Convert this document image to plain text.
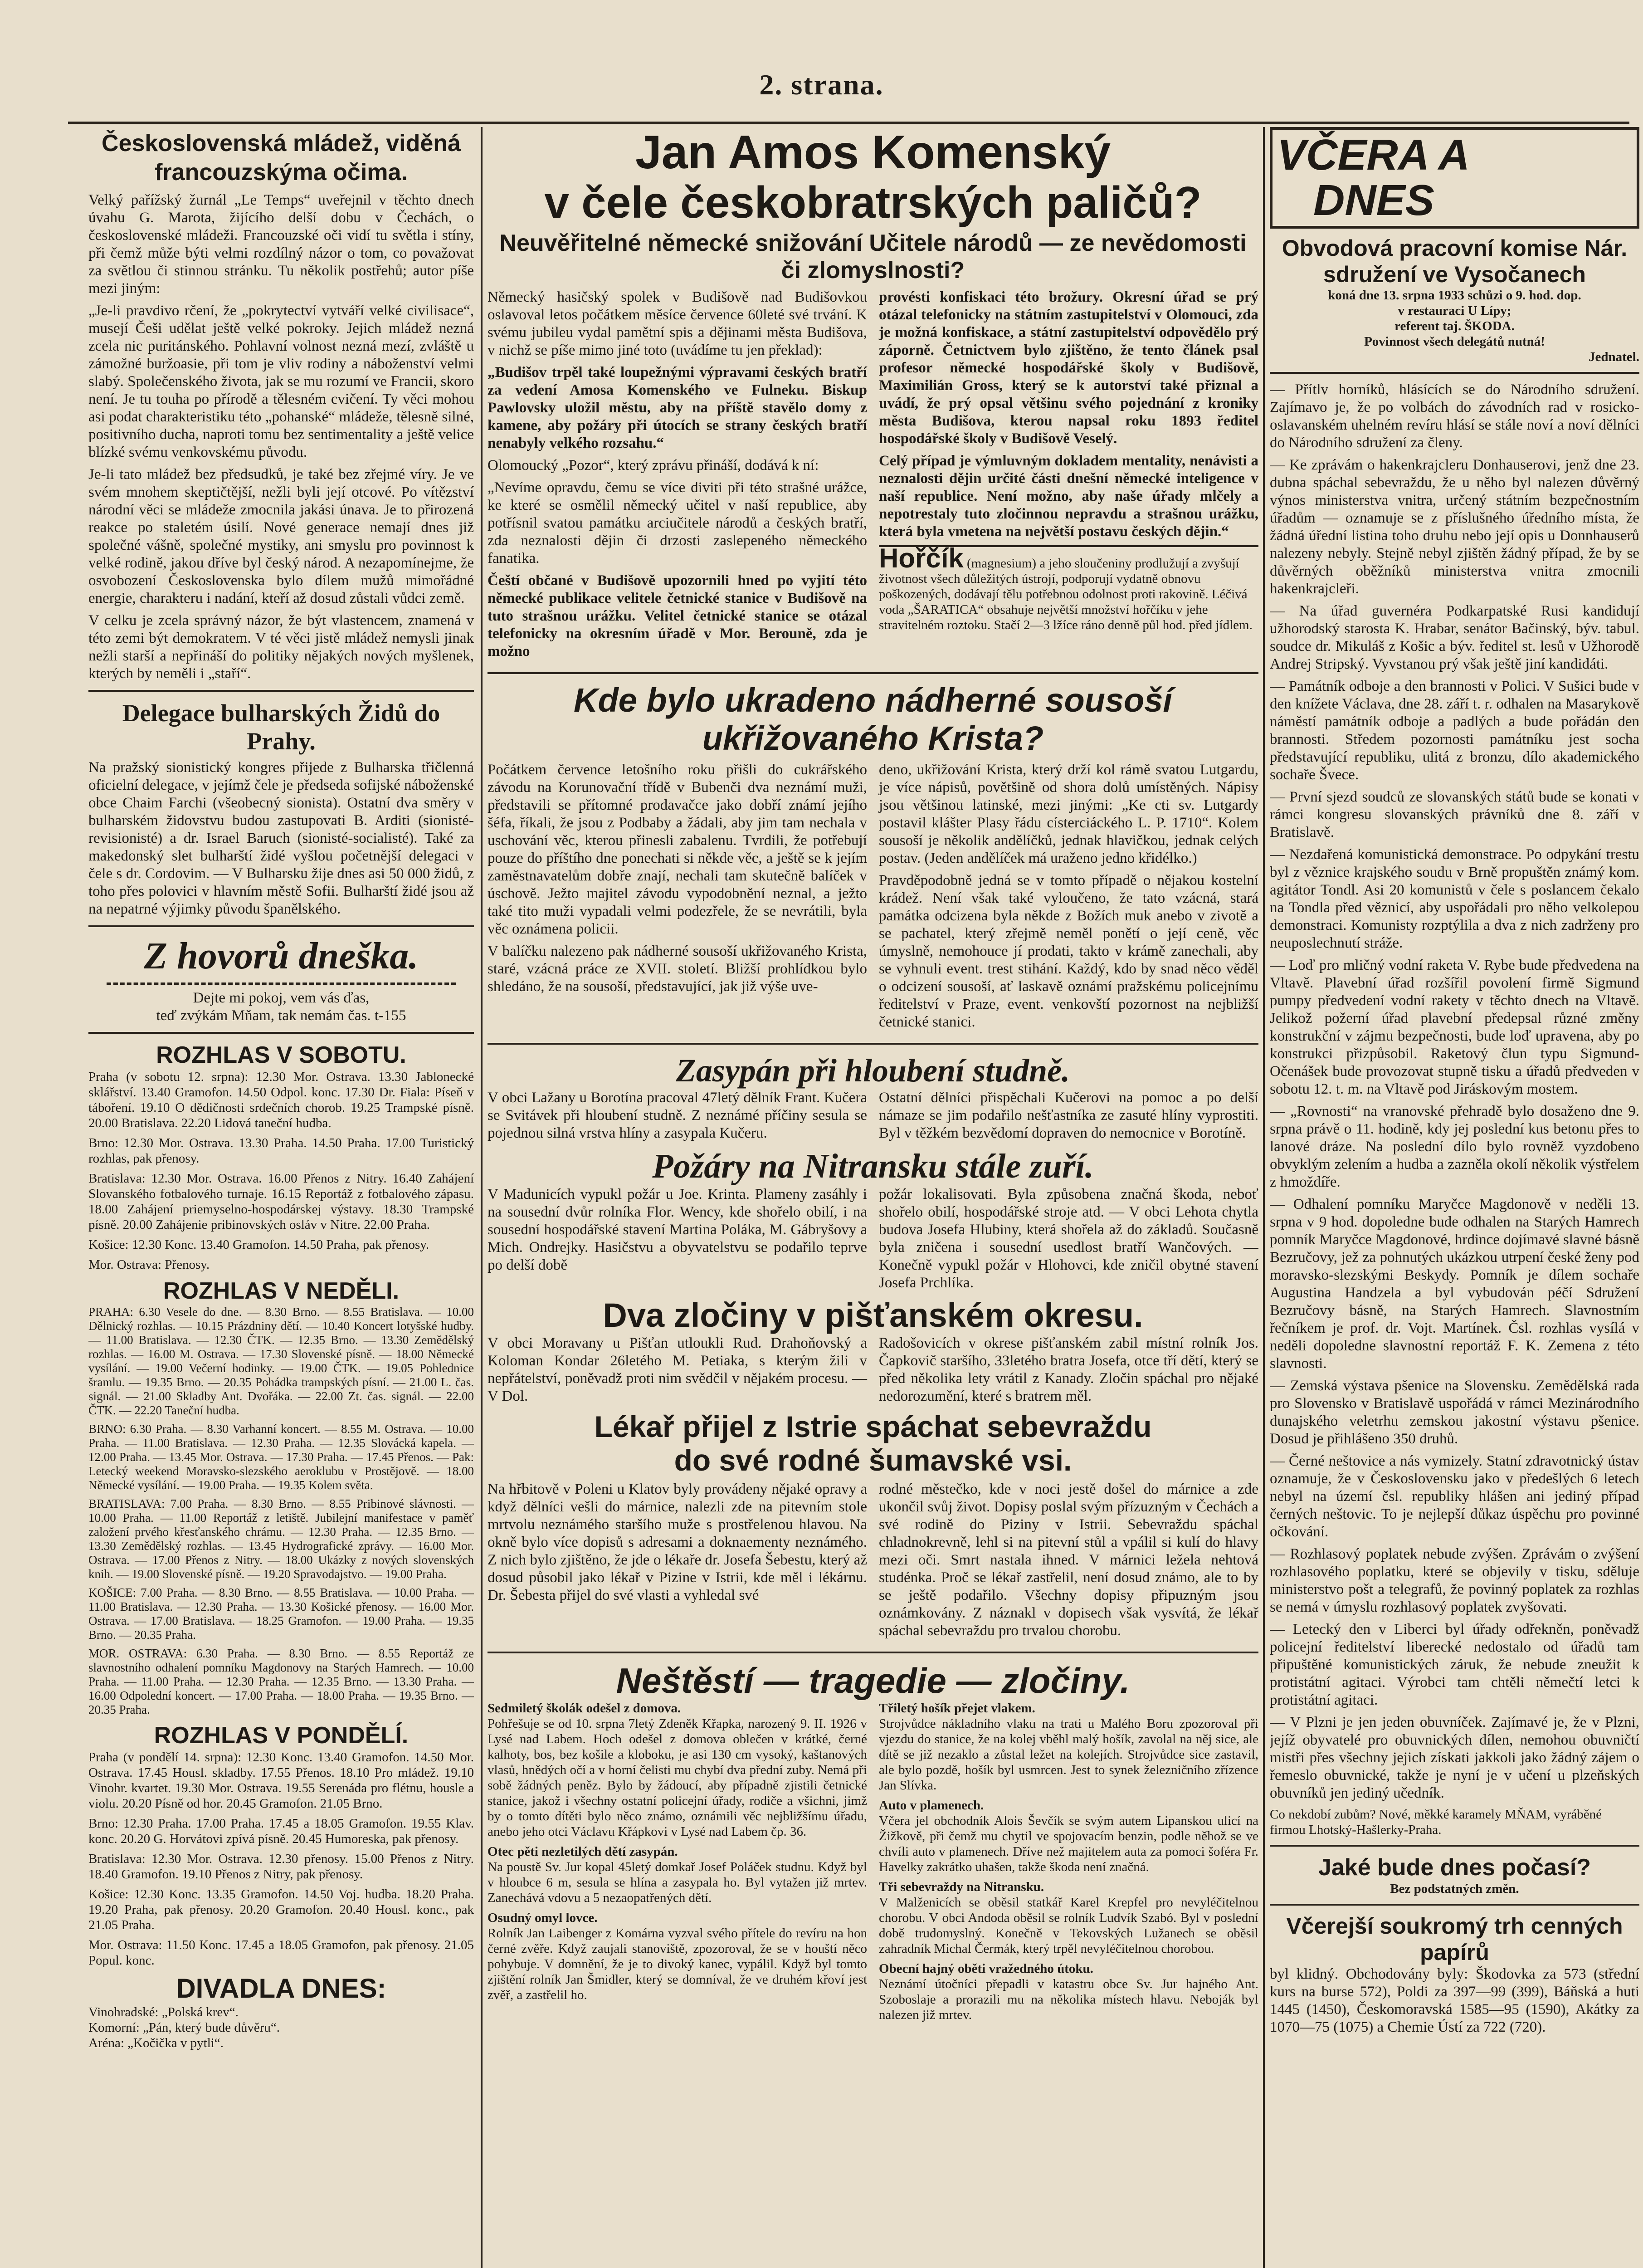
2. strana.
Československá mládež, viděná francouzskýma očima.

Velký pařížský žurnál „Le Temps“ uveřejnil v těchto dnech úvahu G. Marota, žijícího delší dobu v Čechách, o československé mládeži. Francouzské oči vidí tu světla i stíny, při čemž může býti velmi rozdílný názor o tom, co považovat za světlou či stinnou stránku. Tu několik postřehů; autor píše mezi jiným:

„Je-li pravdivo rčení, že „pokrytectví vytváří velké civilisace“, musejí Češi udělat ještě velké pokroky. Jejich mládež nezná zcela nic puritánského. Pohlavní volnost nezná mezí, zvláště u zámožné buržoasie, při tom je vliv rodiny a náboženství velmi slabý. Společenského života, jak se mu rozumí ve Francii, skoro není. Je tu touha po přírodě a tělesném cvičení. Ty věci mohou asi podat charakteristiku této „pohanské“ mládeže, tělesně silné, positivního ducha, naproti tomu bez sentimentality a ještě velice blízké svému venkovskému původu.

Je-li tato mládež bez předsudků, je také bez zřejmé víry. Je ve svém mnohem skeptičtější, nežli byli její otcové. Po vítězství národní věci se mládeže zmocnila jakási únava. Je to přirozená reakce po staletém úsilí. Nové generace nemají dnes již společné vášně, společné mystiky, ani smyslu pro povinnost k velké rodině, jakou dříve byl český národ. A nezapomínejme, že osvobození Československa bylo dílem mužů mimořádné energie, charakteru i nadání, kteří až dosud zůstali vůdci země.

V celku je zcela správný názor, že být vlastencem, znamená v této zemi být demokratem. V té věci jistě mládež nemysli jinak nežli starší a nepřináší do politiky nějakých nových myšlenek, kterých by neměli i „staří“.

Delegace bulharských Židů do Prahy.

Na pražský sionistický kongres přijede z Bulharska třičlenná oficielní delegace, v jejímž čele je předseda sofijské náboženské obce Chaim Farchi (všeobecný sionista). Ostatní dva směry v bulharském židovstvu budou zastupovati B. Arditi (sionisté-revisionisté) a dr. Israel Baruch (sionisté-socialisté). Také za makedonský slet bulharští židé vyšlou početnější delegaci v čele s dr. Cordovim. — V Bulharsku žije dnes asi 50 000 židů, z toho přes polovici v hlavním městě Sofii. Bulharští židé jsou až na nepatrné výjimky původu španělského.

Z hovorů dneška.
Dejte mi pokoj, vem vás ďas,
teď zvýkám Mňam, tak nemám čas. t-155
ROZHLAS V SOBOTU.

Praha (v sobotu 12. srpna): 12.30 Mor. Ostrava. 13.30 Jablonecké sklářství. 13.40 Gramofon. 14.50 Odpol. konc. 17.30 Dr. Fiala: Píseň v táboření. 19.10 O dědičnosti srdečních chorob. 19.25 Trampské písně. 20.00 Bratislava. 22.20 Lidová taneční hudba.

Brno: 12.30 Mor. Ostrava. 13.30 Praha. 14.50 Praha. 17.00 Turistický rozhlas, pak přenosy.

Bratislava: 12.30 Mor. Ostrava. 16.00 Přenos z Nitry. 16.40 Zahájení Slovanského fotbalového turnaje. 16.15 Reportáž z fotbalového zápasu. 18.00 Zahájení priemyselno-hospodárskej výstavy. 18.30 Trampské písně. 20.00 Zahájenie pribinovských osláv v Nitre. 22.00 Praha.

Košice: 12.30 Konc. 13.40 Gramofon. 14.50 Praha, pak přenosy.

Mor. Ostrava: Přenosy.

ROZHLAS V NEDĚLI.

PRAHA: 6.30 Vesele do dne. — 8.30 Brno. — 8.55 Bratislava. — 10.00 Dělnický rozhlas. — 10.15 Prázdniny dětí. — 10.40 Koncert lotyšské hudby. — 11.00 Bratislava. — 12.30 ČTK. — 12.35 Brno. — 13.30 Zemědělský rozhlas. — 16.00 M. Ostrava. — 17.30 Slovenské písně. — 18.00 Německé vysílání. — 19.00 Večerní hodinky. — 19.00 ČTK. — 19.05 Pohlednice šramlu. — 19.35 Brno. — 20.35 Pohádka trampských písní. — 21.00 L. čas. signál. — 21.00 Skladby Ant. Dvořáka. — 22.00 Zt. čas. signál. — 22.00 ČTK. — 22.20 Taneční hudba.

BRNO: 6.30 Praha. — 8.30 Varhanní koncert. — 8.55 M. Ostrava. — 10.00 Praha. — 11.00 Bratislava. — 12.30 Praha. — 12.35 Slovácká kapela. — 12.00 Praha. — 13.45 Mor. Ostrava. — 17.30 Praha. — 17.45 Přenos. — Pak: Letecký weekend Moravsko-slezského aeroklubu v Prostějově. — 18.00 Německé vysílání. — 19.00 Praha. — 19.35 Kolem světa.

BRATISLAVA: 7.00 Praha. — 8.30 Brno. — 8.55 Pribinové slávnosti. — 10.00 Praha. — 11.00 Reportáž z letiště. Jubilejní manifestace v paměť založení prvého křesťanského chrámu. — 12.30 Praha. — 12.35 Brno. — 13.30 Zemědělský rozhlas. — 13.45 Hydrografické zprávy. — 16.00 Mor. Ostrava. — 17.00 Přenos z Nitry. — 18.00 Ukázky z nových slovenských knih. — 19.00 Slovenské písně. — 19.20 Spravodajstvo. — 19.00 Praha.

KOŠICE: 7.00 Praha. — 8.30 Brno. — 8.55 Bratislava. — 10.00 Praha. — 11.00 Bratislava. — 12.30 Praha. — 13.30 Košické přenosy. — 16.00 Mor. Ostrava. — 17.00 Bratislava. — 18.25 Gramofon. — 19.00 Praha. — 19.35 Brno. — 20.35 Praha.

MOR. OSTRAVA: 6.30 Praha. — 8.30 Brno. — 8.55 Reportáž ze slavnostního odhalení pomníku Magdonovy na Starých Hamrech. — 10.00 Praha. — 11.00 Praha. — 12.30 Praha. — 12.35 Brno. — 13.30 Praha. — 16.00 Odpolední koncert. — 17.00 Praha. — 18.00 Praha. — 19.35 Brno. — 20.35 Praha.

ROZHLAS V PONDĚLÍ.

Praha (v pondělí 14. srpna): 12.30 Konc. 13.40 Gramofon. 14.50 Mor. Ostrava. 17.45 Housl. skladby. 17.55 Přenos. 18.10 Pro mládež. 19.10 Vinohr. kvartet. 19.30 Mor. Ostrava. 19.55 Serenáda pro flétnu, housle a violu. 20.20 Písně od hor. 20.45 Gramofon. 21.05 Brno.

Brno: 12.30 Praha. 17.00 Praha. 17.45 a 18.05 Gramofon. 19.55 Klav. konc. 20.20 G. Horvátovi zpívá písně. 20.45 Humoreska, pak přenosy.

Bratislava: 12.30 Mor. Ostrava. 12.30 přenosy. 15.00 Přenos z Nitry. 18.40 Gramofon. 19.10 Přenos z Nitry, pak přenosy.

Košice: 12.30 Konc. 13.35 Gramofon. 14.50 Voj. hudba. 18.20 Praha. 19.20 Praha, pak přenosy. 20.20 Gramofon. 20.40 Housl. konc., pak 21.05 Praha.

Mor. Ostrava: 11.50 Konc. 17.45 a 18.05 Gramofon, pak přenosy. 21.05 Popul. konc.

DIVADLA DNES:
Vinohradské: „Polská krev“.
Komorní: „Pán, který bude důvěru“.
Aréna: „Kočička v pytli“.
Jan Amos Komenský
v čele českobratrských paličů?
Neuvěřitelné německé snižování Učitele národů — ze nevědomosti či zlomyslnosti?

Německý hasičský spolek v Budišově nad Budišovkou oslavoval letos počátkem měsíce července 60leté své trvání. K svému jubileu vydal pamětní spis a dějinami města Budišova, v nichž se píše mimo jiné toto (uvádíme tu jen překlad):

„Budišov trpěl také loupežnými výpravami českých bratří za vedení Amosa Komenského ve Fulneku. Biskup Pawlovsky uložil městu, aby na příště stavělo domy z kamene, aby požáry při útocích se strany českých bratří nenabyly velkého rozsahu.“

Olomoucký „Pozor“, který zprávu přináší, dodává k ní:

„Nevíme opravdu, čemu se více diviti při této strašné urážce, ke které se osmělil německý učitel v naší republice, aby potřísnil svatou památku arciučitele národů a českých bratří, zda neznalosti dějin či drzosti zaslepeného německého fanatika.

Čeští občané v Budišově upozornili hned po vyjití této německé publikace velitele četnické stanice v Budišově na tuto strašnou urážku. Velitel četnické stanice se otázal telefonicky na okresním úřadě v Mor. Berouně, zda je možno

provésti konfiskaci této brožury. Okresní úřad se prý otázal telefonicky na státním zastupitelství v Olomouci, zda je možná konfiskace, a státní zastupitelství odpovědělo prý záporně. Četnictvem bylo zjištěno, že tento článek psal profesor německé hospodářské školy v Budišově, Maximilián Gross, který se k autorství také přiznal a uvádí, že prý opsal většinu svého pojednání z kroniky města Budišova, kterou napsal roku 1893 ředitel hospodářské školy v Budišově Veselý.

Celý případ je výmluvným dokladem mentality, nenávisti a neznalosti dějin určité části dnešní německé inteligence v naší republice. Není možno, aby naše úřady mlčely a nepotrestaly tuto zločinnou nepravdu a strašnou urážku, která byla vmetena na největší postavu českých dějin.“

Hořčík (magnesium) a jeho sloučeniny prodlužují a zvyšují životnost všech důležitých ústrojí, podporují vydatně obnovu poškozených, dodávají tělu potřebnou odolnost proti rakovině. Léčivá voda „ŠARATICA“ obsahuje největší množství hořčíku v jehe stravitelném roztoku. Stačí 2—3 lžíce ráno denně půl hod. před jídlem.
Kde bylo ukradeno nádherné sousoší
ukřižovaného Krista?

Počátkem července letošního roku přišli do cukrářského závodu na Korunovační třídě v Bubenči dva neznámí muži, představili se přítomné prodavačce jako dobří známí jejího šéfa, říkali, že jsou z Podbaby a žádali, aby jim tam nechala v uschování věc, kterou přinesli zabalenu. Tvrdili, že potřebují pouze do příštího dne ponechati si někde věc, a ještě se k jejím zaměstnavatelům dobře znají, nechali tam skutečně balíček v úschově. Ježto majitel závodu vypodobnění neznal, a ježto také tito muži vypadali velmi podezřele, že se nevrátili, byla věc oznámena policii.

V balíčku nalezeno pak nádherné sousoší ukřižovaného Krista, staré, vzácná práce ze XVII. století. Bližší prohlídkou bylo shledáno, že na sousoší, představující, jak již výše uve-

deno, ukřižování Krista, který drží kol rámě svatou Lutgardu, je více nápisů, povětšině od shora dolů umístěných. Nápisy jsou většinou latinské, mezi jinými: „Ke cti sv. Lutgardy postavil klášter Plasy řádu císterciáckého L. P. 1710“. Kolem sousoší je několik andělíčků, jednak hlavičkou, jednak celých postav. (Jeden andělíček má uraženo jedno křidélko.)

Pravděpodobně jedná se v tomto případě o nějakou kostelní krádež. Není však také vyloučeno, že tato vzácná, stará památka odcizena byla někde z Božích muk anebo v zivotě a se pachatel, který zřejmě neměl ponětí o její ceně, věc úmyslně, nemohouce jí prodati, takto v krámě zanechali, aby se vyhnuli event. trest stihání. Každý, kdo by snad něco věděl o odcizení sousoší, ať laskavě oznámí pražskému policejnímu ředitelství v Praze, event. venkovští pozornost na nejbližší četnické stanici.

Zasypán při hloubení studně.

V obci Lažany u Borotína pracoval 47letý dělník Frant. Kučera se Svitávek při hloubení studně. Z neznámé příčiny sesula se pojednou silná vrstva hlíny a zasypala Kučeru.

Ostatní dělníci přispěchali Kučerovi na pomoc a po delší námaze se jim podařilo nešťastníka ze zasuté hlíny vyprostiti. Byl v těžkém bezvědomí dopraven do nemocnice v Borotíně.

Požáry na Nitransku stále zuří.

V Madunicích vypukl požár u Joe. Krinta. Plameny zasáhly i na sousední dvůr rolníka Flor. Wency, kde shořelo obilí, i na sousední hospodářské stavení Martina Poláka, M. Gábryšovy a Mich. Ondrejky. Hasičstvu a obyvatelstvu se podařilo teprve po delší době

požár lokalisovati. Byla způsobena značná škoda, neboť shořelo obilí, hospodářské stroje atd. — V obci Lehota chytla budova Josefa Hlubiny, která shořela až do základů. Současně byla zničena i sousední usedlost bratří Wančových. — Konečně vypukl požár v Hlohovci, kde zničil obytné stavení Josefa Prchlíka.

Dva zločiny v pišťanském okresu.

V obci Moravany u Pišťan utloukli Rud. Drahoňovský a Koloman Kondar 26letého M. Petiaka, s kterým žili v nepřátelství, poněvadž proti nim svědčil v nějakém procesu. — V Dol.

Radošovicích v okrese pišťanském zabil místní rolník Jos. Čapkovič staršího, 33letého bratra Josefa, otce tří dětí, který se před několika lety vrátil z Kanady. Zločin spáchal pro nějaké nedorozumění, které s bratrem měl.

Lékař přijel z Istrie spáchat sebevraždu
do své rodné šumavské vsi.

Na hřbitově v Poleni u Klatov byly provádeny nějaké opravy a když dělníci vešli do márnice, nalezli zde na pitevním stole mrtvolu neznámého staršího muže s prostřelenou hlavou. Na okně bylo více dopisů s adresami a doknaementy neznámého. Z nich bylo zjištěno, že jde o lékaře dr. Josefa Šebestu, který až dosud působil jako lékař v Pizine v Istrii, kde měl i lékárnu. Dr. Šebesta přijel do své vlasti a vyhledal své

rodné městečko, kde v noci jestě došel do márnice a zde ukončil svůj život. Dopisy poslal svým přízuzným v Čechách a své rodině do Piziny v Istrii. Sebevraždu spáchal chladnokrevně, lehl si na pitevní stůl a vpálil si kulí do hlavy mezi oči. Smrt nastala ihned. V márnici ležela nehtová studénka. Proč se lékař zastřelil, není dosud známo, ale to by se ještě podařilo. Všechny dopisy připuzným jsou oznámkovány. Z náznakl v dopisech však vysvítá, že lékař spáchal sebevraždu pro trvalou chorobu.

Neštěstí — tragedie — zločiny.
Sedmiletý školák odešel z domova.

Pohřešuje se od 10. srpna 7letý Zdeněk Křapka, narozený 9. II. 1926 v Lysé nad Labem. Hoch odešel z domova oblečen v krátké, černé kalhoty, bos, bez košile a kloboku, je asi 130 cm vysoký, kaštanových vlasů, hnědých očí a v horní čelisti mu chybí dva přední zuby. Nemá při sobě žádných peněz. Bylo by žádoucí, aby případně zjistili četnické stanice, jakož i všechny ostatní policejní úřady, rodiče a všichni, jimž by o tomto dítěti bylo něco známo, oznámili věc nejbližšímu úřadu, anebo jeho otci Václavu Křápkovi v Lysé nad Labem čp. 36.

Otec pěti nezletilých dětí zasypán.

Na poustě Sv. Jur kopal 45letý domkař Josef Poláček studnu. Když byl v hloubce 6 m, sesula se hlína a zasypala ho. Byl vytažen již mrtev. Zanechává vdovu a 5 nezaopatřených dětí.

Osudný omyl lovce.

Rolník Jan Laibenger z Komárna vyzval svého přítele do revíru na hon černé zvěře. Když zaujali stanoviště, zpozoroval, že se v houští něco pohybuje. V domnění, že je to divoký kanec, vypálil. Když byl tomto zjištění rolník Jan Šmidler, který se domníval, že ve druhém křoví jest zvěř, a zastřelil ho.

Třiletý hošík přejet vlakem.

Strojvůdce nákladního vlaku na trati u Malého Boru zpozoroval při vjezdu do stanice, že na kolej vběhl malý hošík, zavolal na něj sice, ale dítě se již nezaklo a zůstal ležet na kolejích. Strojvůdce sice zastavil, ale bylo pozdě, hošík byl usmrcen. Jest to synek železničního zřízence Jan Slívka.

Auto v plamenech.

Včera jel obchodník Alois Ševčík se svým autem Lipanskou ulicí na Žižkově, při čemž mu chytil ve spojovacím benzin, podle něhož se ve chvíli auto v plamenech. Dříve než majitelem auta za pomoci šoféra Fr. Havelky zakrátko uhašen, takže škoda není značná.

Tři sebevraždy na Nitransku.

V Malženicích se oběsil statkář Karel Krepfel pro nevyléčitelnou chorobu. V obci Andoda oběsil se rolník Ludvík Szabó. Byl v poslední době trudomyslný. Konečně v Tekovských Lužanech se oběsil zahradník Michal Čermák, který trpěl nevyléčitelnou chorobou.

Obecní hajný oběti vražedného útoku.

Neznámí útočníci přepadli v katastru obce Sv. Jur hajného Ant. Szoboslaje a prorazili mu na několika místech hlavu. Neboják byl nalezen již mrtev.

VČERA A
DNES
Obvodová pracovní komise Nár. sdružení ve Vysočanech
koná dne 13. srpna 1933 schůzi o 9. hod. dop.
v restauraci U Lípy;
referent taj. ŠKODA.
Povinnost všech delegátů nutná!
Jednatel.

— Přítlv horníků, hlásících se do Národního sdružení. Zajímavo je, že po volbách do závodních rad v rosicko-oslavanském uhelném revíru hlásí se stále noví a noví dělníci do Národního sdružení za členy.

— Ke zprávám o hakenkrajcleru Donhauserovi, jenž dne 23. dubna spáchal sebevraždu, že u něho byl nalezen důvěrný výnos ministerstva vnitra, určený státním bezpečnostním úřadům — oznamuje se z příslušného úředního místa, že žádná úřední listina toho druhu nebo její opis u Donnhauserů nalezeny nebyly. Stejně nebyl zjištěn žádný případ, že by se důvěrných oběžníků ministerstva vnitra zmocnili hakenkrajcleři.

— Na úřad guvernéra Podkarpatské Rusi kandidují užhorodský starosta K. Hrabar, senátor Bačinský, býv. tabul. soudce dr. Mikuláš z Košic a býv. ředitel st. lesů v Užhorodě Andrej Stripský. Vyvstanou prý však ještě jiní kandidáti.

— Památník odboje a den brannosti v Polici. V Sušici bude v den knížete Václava, dne 28. září t. r. odhalen na Masarykově náměstí památník odboje a padlých a bude pořádán den brannosti. Středem pozornosti památníku jest socha představující republiku, ulitá z bronzu, dílo akademického sochaře Švece.

— První sjezd soudců ze slovanských států bude se konati v rámci kongresu slovanských právníků dne 8. září v Bratislavě.

— Nezdařená komunistická demonstrace. Po odpykání trestu byl z věznice krajského soudu v Brně propuštěn známý kom. agitátor Tondl. Asi 20 komunistů v čele s poslancem čekalo na Tondla před věznicí, aby uspořádali pro něho velkolepou demonstraci. Komunisty rozptýlila a dva z nich zadrženy pro neuposlechnutí stráže.

— Loď pro mličný vodní raketa V. Rybe bude předvedena na Vltavě. Plavební úřad rozšířil povolení firmě Sigmund pumpy předvedení vodní rakety v těchto dnech na Vltavě. Jelikož požerní úřad plavební předepsal různé změny konstrukční v zájmu bezpečnosti, bude loď upravena, aby po konstrukci přizpůsobil. Raketový člun typu Sigmund-Očenášek bude provozovat stupně tisku a úřadů předveden v sobotu 12. t. m. na Vltavě pod Jiráskovým mostem.

— „Rovnosti“ na vranovské přehradě bylo dosaženo dne 9. srpna právě o 11. hodině, kdy jej poslední kus betonu přes to lanové dráze. Na poslední dílo bylo rovněž vyzdobeno obvyklým zelením a hudba a zazněla okolí několik výstřelem z hmoždíře.

— Odhalení pomníku Maryčce Magdonově v neděli 13. srpna v 9 hod. dopoledne bude odhalen na Starých Hamrech pomník Maryčce Magdonové, hrdince dojímavé slavné básně Bezručovy, jež za pohnutých ukázkou utrpení české ženy pod moravsko-slezskými Beskydy. Pomník je dílem sochaře Augustina Handzela a byl vybudován péčí Sdružení Bezručovy básně, na Starých Hamrech. Slavnostním řečníkem je prof. dr. Vojt. Martínek. Čsl. rozhlas vysílá v neděli dopoledne slavnostní reportáž F. K. Zemena z této slavnosti.

— Zemská výstava pšenice na Slovensku. Zemědělská rada pro Slovensko v Bratislavě uspořádá v rámci Mezinárodního dunajského veletrhu zemskou jakostní výstavu pšenice. Dosud je přihlášeno 350 druhů.

— Černé neštovice a nás vymizely. Statní zdravotnický ústav oznamuje, že v Československu jako v předešlých 6 letech nebyl na území čsl. republiky hlášen ani jediný případ černých neštovic. To je nejlepší důkaz úspěchu pro povinné očkování.

— Rozhlasový poplatek nebude zvýšen. Zprávám o zvýšení rozhlasového poplatku, které se objevily v tisku, sděluje ministerstvo pošt a telegrafů, že povinný poplatek za rozhlas se nemá v úmyslu rozhlasový poplatek zvyšovati.

— Letecký den v Liberci byl úřady odřekněn, poněvadž policejní ředitelství liberecké nedostalo od úřadů tam připuštěné komunistických záruk, že nebude zneužit k protistátní agitaci. Výrobci tam chtěli němečtí letci k protistátní agitaci.

— V Plzni je jen jeden obuvníček. Zajímavé je, že v Plzni, jejíž obyvatelé pro obuvnických dílen, nemohou obuvničtí mistři přes všechny jejich získati jakkoli jako žádný zájem o řemeslo obuvnické, takže je nyní je v učení u plzeňských obuvníků jen jediný učedník.

Co nekdobí zubům? Nové, měkké karamely MŇAM, vyráběné firmou Lhotský-Hašlerky-Praha.
Jaké bude dnes počasí?
Bez podstatných změn.
Včerejší soukromý trh cenných papírů

byl klidný. Obchodovány byly: Škodovka za 573 (střední kurs na burse 572), Poldi za 397—99 (399), Báňská a huti 1445 (1450), Českomoravská 1585—95 (1590), Akátky za 1070—75 (1075) a Chemie Ústí za 722 (720).
